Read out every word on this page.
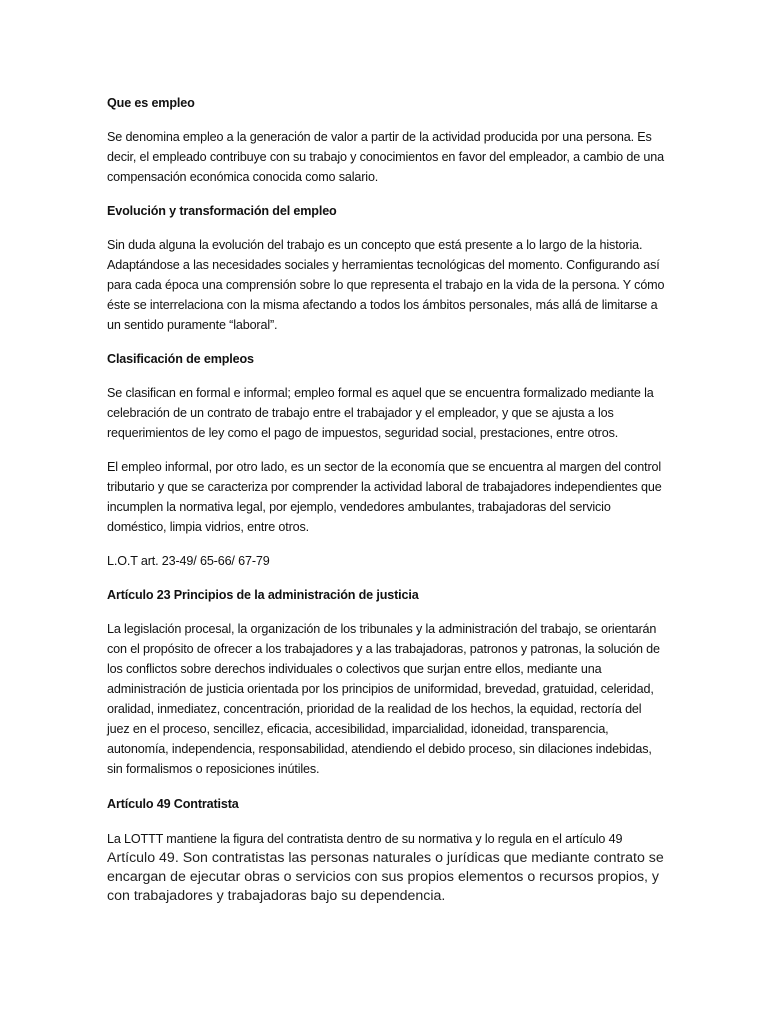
Que es empleo

Se denomina empleo a la generación de valor a partir de la actividad producida por una persona. Es decir, el empleado contribuye con su trabajo y conocimientos en favor del empleador, a cambio de una compensación económica conocida como salario.

Evolución y transformación del empleo

Sin duda alguna la evolución del trabajo es un concepto que está presente a lo largo de la historia. Adaptándose a las necesidades sociales y herramientas tecnológicas del momento. Configurando así para cada época una comprensión sobre lo que representa el trabajo en la vida de la persona. Y cómo éste se interrelaciona con la misma afectando a todos los ámbitos personales, más allá de limitarse a un sentido puramente “laboral”.

Clasificación de empleos

Se clasifican en formal e informal; empleo formal es aquel que se encuentra formalizado mediante la celebración de un contrato de trabajo entre el trabajador y el empleador, y que se ajusta a los requerimientos de ley como el pago de impuestos, seguridad social, prestaciones, entre otros.

El empleo informal, por otro lado, es un sector de la economía que se encuentra al margen del control tributario y que se caracteriza por comprender la actividad laboral de trabajadores independientes que incumplen la normativa legal, por ejemplo, vendedores ambulantes, trabajadoras del servicio doméstico, limpia vidrios, entre otros.

L.O.T art. 23-49/ 65-66/ 67-79

Artículo 23 Principios de la administración de justicia

La legislación procesal, la organización de los tribunales y la administración del trabajo, se orientarán con el propósito de ofrecer a los trabajadores y a las trabajadoras, patronos y patronas, la solución de los conflictos sobre derechos individuales o colectivos que surjan entre ellos, mediante una administración de justicia orientada por los principios de uniformidad, brevedad, gratuidad, celeridad, oralidad, inmediatez, concentración, prioridad de la realidad de los hechos, la equidad, rectoría del juez en el proceso, sencillez, eficacia, accesibilidad, imparcialidad, idoneidad, transparencia, autonomía, independencia, responsabilidad, atendiendo el debido proceso, sin dilaciones indebidas, sin formalismos o reposiciones inútiles.

Artículo 49 Contratista

La LOTTT mantiene la figura del contratista dentro de su normativa y lo regula en el artículo 49

Artículo 49. Son contratistas las personas naturales o jurídicas que mediante contrato se encargan de ejecutar obras o servicios con sus propios elementos o recursos propios, y con trabajadores y trabajadoras bajo su dependencia.
